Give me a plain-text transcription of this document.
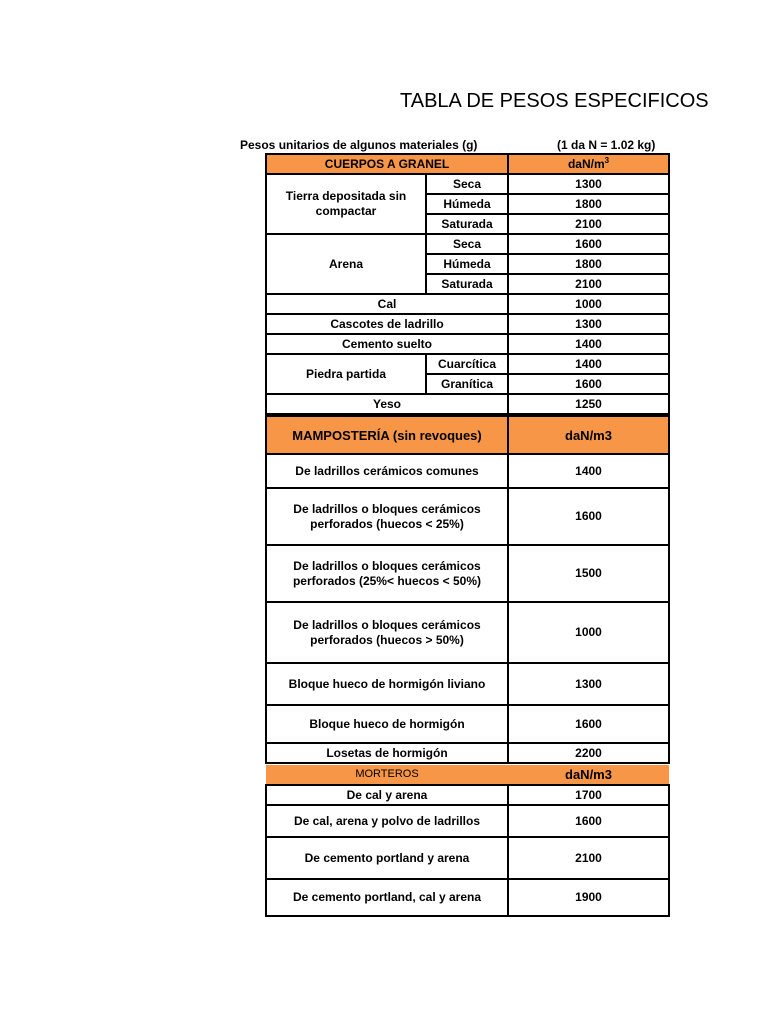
TABLA DE PESOS ESPECIFICOS
Pesos unitarios de algunos materiales (g)	(1 da N = 1.02 kg)
CUERPOS A GRANEL		daN/$m^3$
Tierra depositada sin compactar	Seca	1300
	Húmeda	1800
	Saturada	2100
Arena	Seca	1600
	Húmeda	1800
	Saturada	2100
Cal		1000
Cascotes de ladrillo		1300
Cemento suelto		1400
Piedra partida	Cuarcítica	1400
	Granítica	1600
Yeso		1250
MAMPOSTERÍA (sin revoques)	daN/m3
De ladrillos cerámicos comunes	1400
De ladrillos o bloques cerámicos perforados (huecos < 25%)	1600
De ladrillos o bloques cerámicos perforados (25%< huecos < 50%)	1500
De ladrillos o bloques cerámicos perforados (huecos > 50%)	1000
Bloque hueco de hormigón liviano	1300
Bloque hueco de hormigón	1600
Losetas de hormigón	2200
MORTEROS	daN/m3
De cal y arena	1700
De cal, arena y polvo de ladrillos	1600
De cemento portland y arena	2100
De cemento portland, cal y arena	1900
